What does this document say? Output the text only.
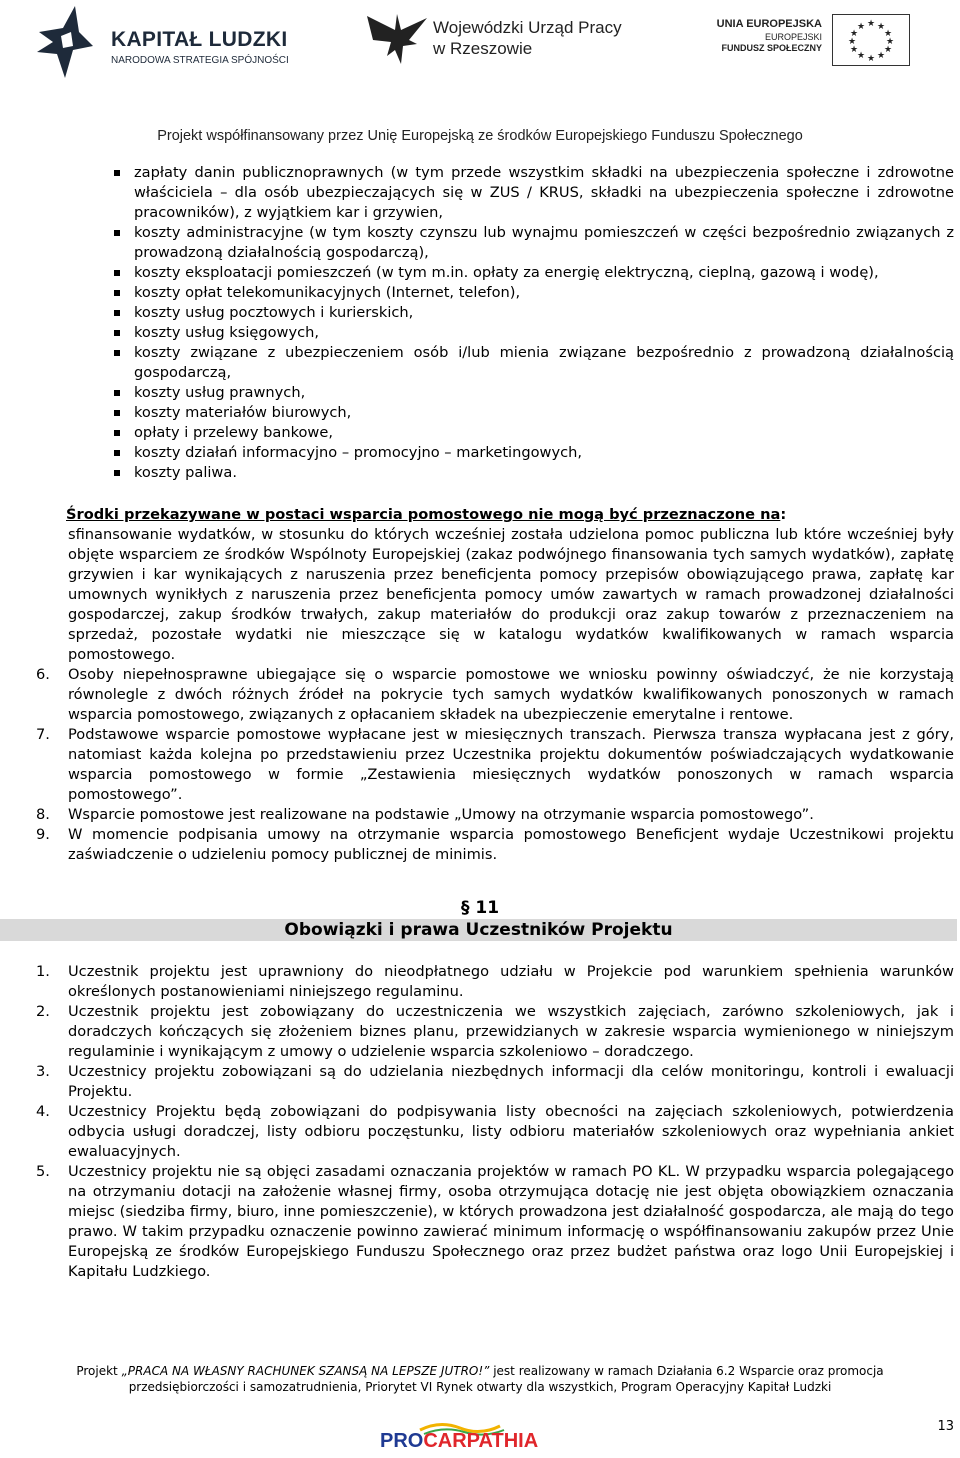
KAPITAŁ LUDZKI
NARODOWA STRATEGIA SPÓJNOŚCI
Wojewódzki Urząd Pracy
w Rzeszowie
UNIA EUROPEJSKA
EUROPEJSKI
FUNDUSZ SPOŁECZNY
★ ★
★
★
★
★
★
★
★
★
★
★
Projekt współfinansowany przez Unię Europejską ze środków Europejskiego Funduszu Społecznego
zapłaty danin publicznoprawnych (w tym przede wszystkim składki na ubezpieczenia społeczne i zdrowotne właściciela – dla osób ubezpieczających się w ZUS / KRUS, składki na ubezpieczenia społeczne i zdrowotne pracowników), z wyjątkiem kar i grzywien,
koszty administracyjne (w tym koszty czynszu lub wynajmu pomieszczeń w części bezpośrednio związanych z prowadzoną działalnością gospodarczą),
koszty eksploatacji pomieszczeń (w tym m.in. opłaty za energię elektryczną, cieplną, gazową i wodę),
koszty opłat telekomunikacyjnych (Internet, telefon),
koszty usług pocztowych i kurierskich,
koszty usług księgowych,
koszty związane z ubezpieczeniem osób i/lub mienia związane bezpośrednio z prowadzoną działalnością gospodarczą,
koszty usług prawnych,
koszty materiałów biurowych,
opłaty i przelewy bankowe,
koszty działań informacyjno – promocyjno – marketingowych,
koszty paliwa.
Środki przekazywane w postaci wsparcia pomostowego nie mogą być przeznaczone na:
sfinansowanie wydatków, w stosunku do których wcześniej została udzielona pomoc publiczna lub które wcześniej były objęte wsparciem ze środków Wspólnoty Europejskiej (zakaz podwójnego finansowania tych samych wydatków), zapłatę grzywien i kar wynikających z naruszenia przez beneficjenta pomocy przepisów obowiązującego prawa, zapłatę kar umownych wynikłych z naruszenia przez beneficjenta pomocy umów zawartych w ramach prowadzonej działalności gospodarczej, zakup środków trwałych, zakup materiałów do produkcji oraz zakup towarów z przeznaczeniem na sprzedaż, pozostałe wydatki nie mieszczące się w katalogu wydatków kwalifikowanych w ramach wsparcia pomostowego.
6. Osoby niepełnosprawne ubiegające się o wsparcie pomostowe we wniosku powinny oświadczyć, że nie korzystają równolegle z dwóch różnych źródeł na pokrycie tych samych wydatków kwalifikowanych ponoszonych w ramach wsparcia pomostowego, związanych z opłacaniem składek na ubezpieczenie emerytalne i rentowe.
7. Podstawowe wsparcie pomostowe wypłacane jest w miesięcznych transzach. Pierwsza transza wypłacana jest z góry, natomiast każda kolejna po przedstawieniu przez Uczestnika projektu dokumentów poświadczających wydatkowanie wsparcia pomostowego w formie „Zestawienia miesięcznych wydatków ponoszonych w ramach wsparcia pomostowego”.
8. Wsparcie pomostowe jest realizowane na podstawie „Umowy na otrzymanie wsparcia pomostowego”.
9. W momencie podpisania umowy na otrzymanie wsparcia pomostowego Beneficjent wydaje Uczestnikowi projektu zaświadczenie o udzieleniu pomocy publicznej de minimis.
§ 11
Obowiązki i prawa Uczestników Projektu
1. Uczestnik projektu jest uprawniony do nieodpłatnego udziału w Projekcie pod warunkiem spełnienia warunków określonych postanowieniami niniejszego regulaminu.
2. Uczestnik projektu jest zobowiązany do uczestniczenia we wszystkich zajęciach, zarówno szkoleniowych, jak i doradczych kończących się złożeniem biznes planu, przewidzianych w zakresie wsparcia wymienionego w niniejszym regulaminie i wynikającym z umowy o udzielenie wsparcia szkoleniowo – doradczego.
3. Uczestnicy projektu zobowiązani są do udzielania niezbędnych informacji dla celów monitoringu, kontroli i ewaluacji Projektu.
4. Uczestnicy Projektu będą zobowiązani do podpisywania listy obecności na zajęciach szkoleniowych, potwierdzenia odbycia usługi doradczej, listy odbioru poczęstunku, listy odbioru materiałów szkoleniowych oraz wypełniania ankiet ewaluacyjnych.
5. Uczestnicy projektu nie są objęci zasadami oznaczania projektów w ramach PO KL. W przypadku wsparcia polegającego na otrzymaniu dotacji na założenie własnej firmy, osoba otrzymująca dotację nie jest objęta obowiązkiem oznaczania miejsc (siedziba firmy, biuro, inne pomieszczenie), w których prowadzona jest działalność gospodarcza, ale mają do tego prawo. W takim przypadku oznaczenie powinno zawierać minimum informację o współfinansowaniu zakupów przez Unie Europejską ze środków Europejskiego Funduszu Społecznego oraz przez budżet państwa oraz logo Unii Europejskiej i Kapitału Ludzkiego.
Projekt „PRACA NA WŁASNY RACHUNEK SZANSĄ NA LEPSZE JUTRO!” jest realizowany w ramach Działania 6.2 Wsparcie oraz promocja
przedsiębiorczości i samozatrudnienia, Priorytet VI Rynek otwarty dla wszystkich, Program Operacyjny Kapitał Ludzki
PROCARPATHIA
13
